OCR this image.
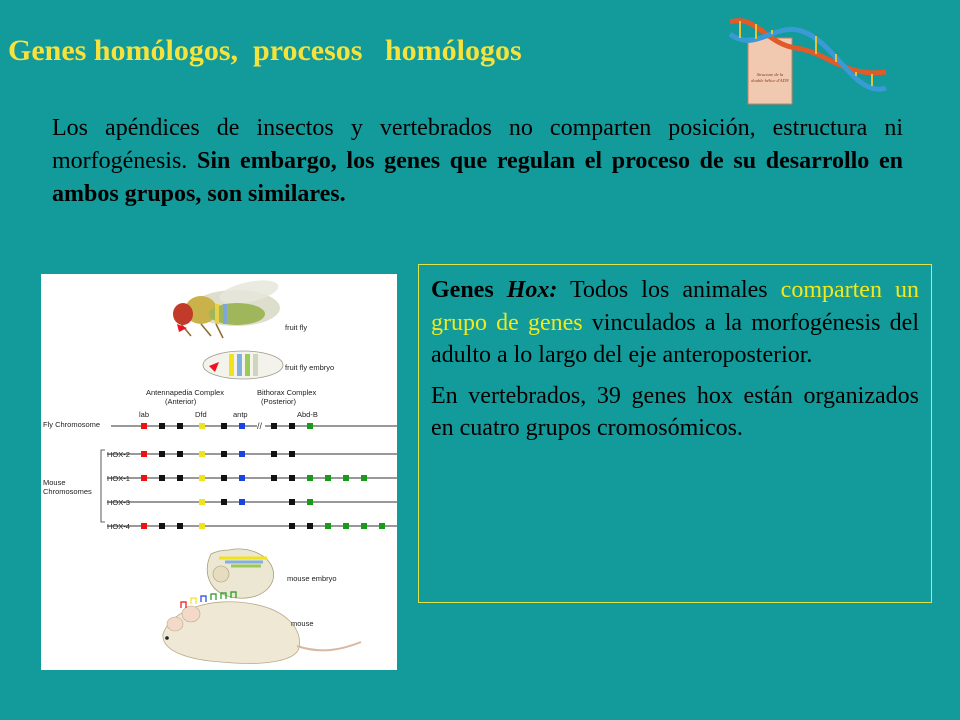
Genes homólogos,  procesos   homólogos
Structure de la
double hélice d'ADN
Los apéndices de insectos y vertebrados no comparten posición, estructura ni morfogénesis. Sin embargo, los genes que regulan el proceso de su desarrollo en ambos grupos, son similares.
fruit fly
fruit fly embryo
Antennapedia Complex
(Anterior)
Bithorax Complex
(Posterior)
lab	Dfd	antp	Abd-B
Fly Chromosome	//
Mouse
Chromosomes
HOX-2
HOX-1
HOX-3
HOX-4
mouse embryo
mouse

Genes Hox: Todos los animales comparten un grupo de genes vinculados a la morfogénesis del adulto a lo largo del eje anteroposterior.

En vertebrados, 39 genes hox están organizados en cuatro grupos cromosómicos.
